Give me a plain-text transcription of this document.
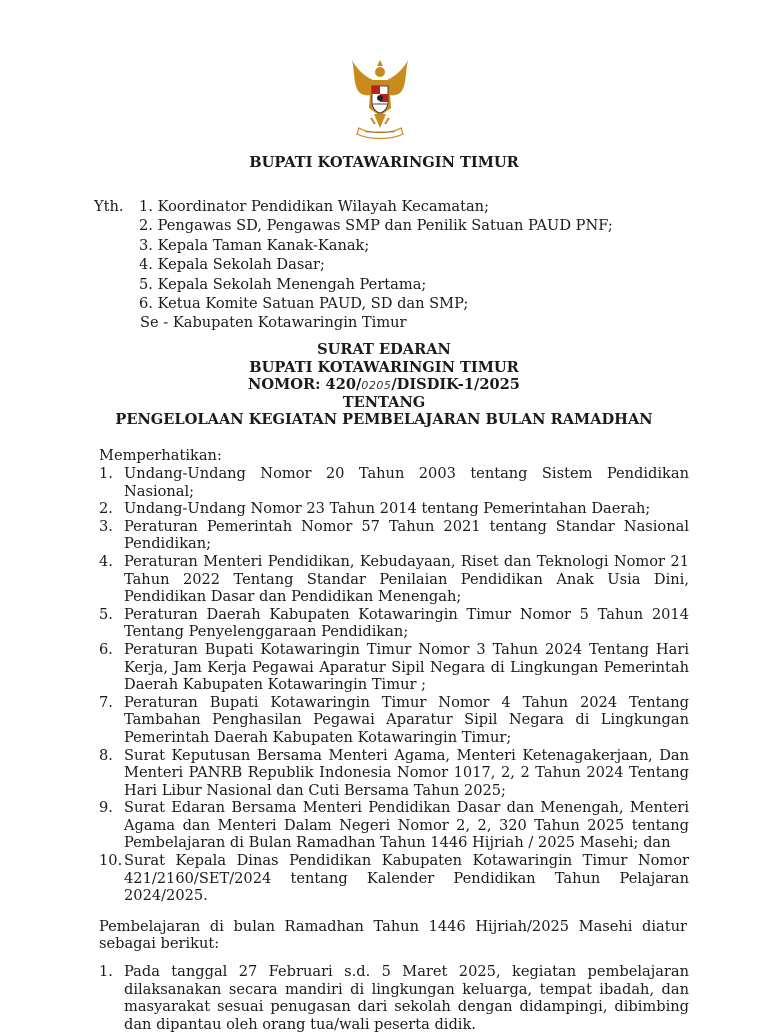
BUPATI KOTAWARINGIN TIMUR
Yth. 1. Koordinator Pendidikan Wilayah Kecamatan;
2. Pengawas SD, Pengawas SMP dan Penilik Satuan PAUD PNF;
3. Kepala Taman Kanak-Kanak;
4. Kepala Sekolah Dasar;
5. Kepala Sekolah Menengah Pertama;
6. Ketua Komite Satuan PAUD, SD dan SMP;
Se - Kabupaten Kotawaringin Timur
SURAT EDARAN
BUPATI KOTAWARINGIN TIMUR
NOMOR: 420/0205/DISDIK-1/2025
TENTANG
PENGELOLAAN KEGIATAN PEMBELAJARAN BULAN RAMADHAN
Memperhatikan:
1. Undang-Undang Nomor 20 Tahun 2003 tentang Sistem Pendidikan Nasional;
2. Undang-Undang Nomor 23 Tahun 2014 tentang Pemerintahan Daerah;
3. Peraturan Pemerintah Nomor 57 Tahun 2021 tentang Standar Nasional Pendidikan;
4. Peraturan Menteri Pendidikan, Kebudayaan, Riset dan Teknologi Nomor 21 Tahun 2022 Tentang Standar Penilaian Pendidikan Anak Usia Dini, Pendidikan Dasar dan Pendidikan Menengah;
5. Peraturan Daerah Kabupaten Kotawaringin Timur Nomor 5 Tahun 2014 Tentang Penyelenggaraan Pendidikan;
6. Peraturan Bupati Kotawaringin Timur Nomor 3 Tahun 2024 Tentang Hari Kerja, Jam Kerja Pegawai Aparatur Sipil Negara di Lingkungan Pemerintah Daerah Kabupaten Kotawaringin Timur ;
7. Peraturan Bupati Kotawaringin Timur Nomor 4 Tahun 2024 Tentang Tambahan Penghasilan Pegawai Aparatur Sipil Negara di Lingkungan Pemerintah Daerah Kabupaten Kotawaringin Timur;
8. Surat Keputusan Bersama Menteri Agama, Menteri Ketenagakerjaan, Dan Menteri PANRB Republik Indonesia Nomor 1017, 2, 2 Tahun 2024 Tentang Hari Libur Nasional dan Cuti Bersama Tahun 2025;
9. Surat Edaran Bersama Menteri Pendidikan Dasar dan Menengah, Menteri Agama dan Menteri Dalam Negeri Nomor 2, 2, 320 Tahun 2025 tentang Pembelajaran di Bulan Ramadhan Tahun 1446 Hijriah / 2025 Masehi; dan
10. Surat Kepala Dinas Pendidikan Kabupaten Kotawaringin Timur Nomor 421/2160/SET/2024 tentang Kalender Pendidikan Tahun Pelajaran 2024/2025.
Pembelajaran di bulan Ramadhan Tahun 1446 Hijriah/2025 Masehi diatur sebagai berikut:
1. Pada tanggal 27 Februari s.d. 5 Maret 2025, kegiatan pembelajaran dilaksanakan secara mandiri di lingkungan keluarga, tempat ibadah, dan masyarakat sesuai penugasan dari sekolah dengan didampingi, dibimbing dan dipantau oleh orang tua/wali peserta didik.
